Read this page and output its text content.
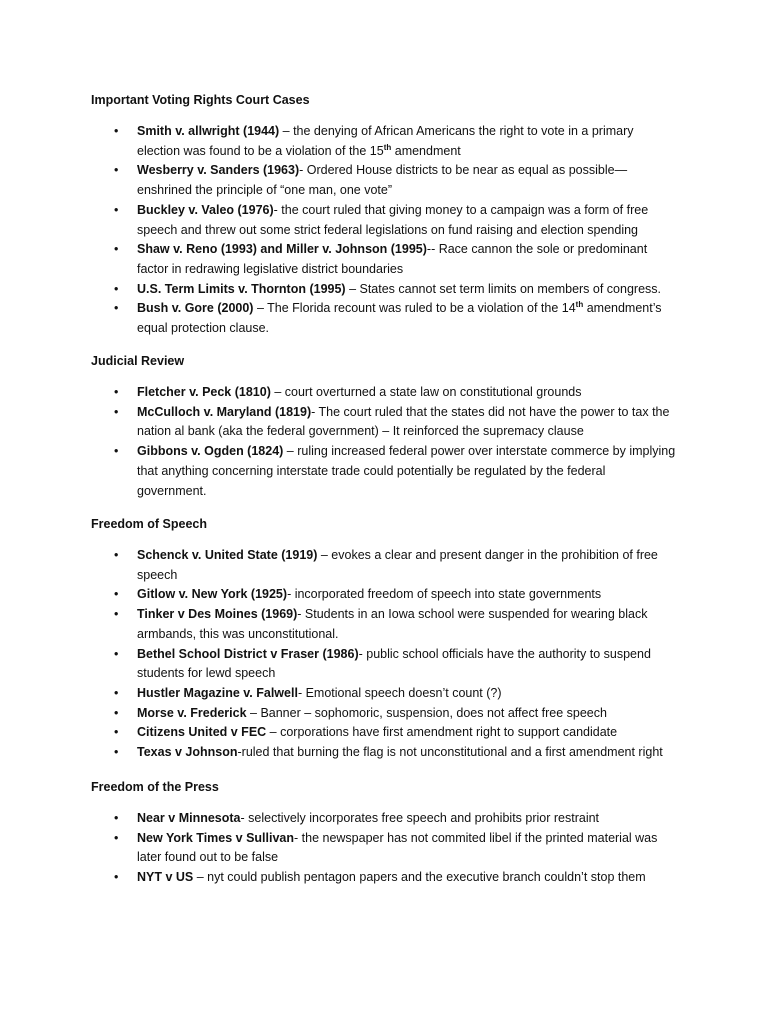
Important Voting Rights Court Cases
• Smith v. allwright (1944) – the denying of African Americans the right to vote in a primary election was found to be a violation of the 15th amendment
• Wesberry v. Sanders (1963)- Ordered House districts to be near as equal as possible—enshrined the principle of “one man, one vote”
• Buckley v. Valeo (1976)- the court ruled that giving money to a campaign was a form of free speech and threw out some strict federal legislations on fund raising and election spending
• Shaw v. Reno (1993) and Miller v. Johnson (1995)-- Race cannon the sole or predominant factor in redrawing legislative district boundaries
• U.S. Term Limits v. Thornton (1995) – States cannot set term limits on members of congress.
• Bush v. Gore (2000) – The Florida recount was ruled to be a violation of the 14th amendment’s equal protection clause.
Judicial Review
• Fletcher v. Peck (1810) – court overturned a state law on constitutional grounds
• McCulloch v. Maryland (1819)- The court ruled that the states did not have the power to tax the nation al bank (aka the federal government) – It reinforced the supremacy clause
• Gibbons v. Ogden (1824) – ruling increased federal power over interstate commerce by implying that anything concerning interstate trade could potentially be regulated by the federal government.
Freedom of Speech
• Schenck v. United State (1919) – evokes a clear and present danger in the prohibition of free speech
• Gitlow v. New York (1925)- incorporated freedom of speech into state governments
• Tinker v Des Moines (1969)- Students in an Iowa school were suspended for wearing black armbands, this was unconstitutional.
• Bethel School District v Fraser (1986)- public school officials have the authority to suspend students for lewd speech
• Hustler Magazine v. Falwell- Emotional speech doesn’t count (?)
• Morse v. Frederick – Banner – sophomoric, suspension, does not affect free speech
• Citizens United v FEC – corporations have first amendment right to support candidate
• Texas v Johnson-ruled that burning the flag is not unconstitutional and a first amendment right
Freedom of the Press
• Near v Minnesota- selectively incorporates free speech and prohibits prior restraint
• New York Times v Sullivan- the newspaper has not commited libel if the printed material was later found out to be false
• NYT v US – nyt could publish pentagon papers and the executive branch couldn’t stop them
